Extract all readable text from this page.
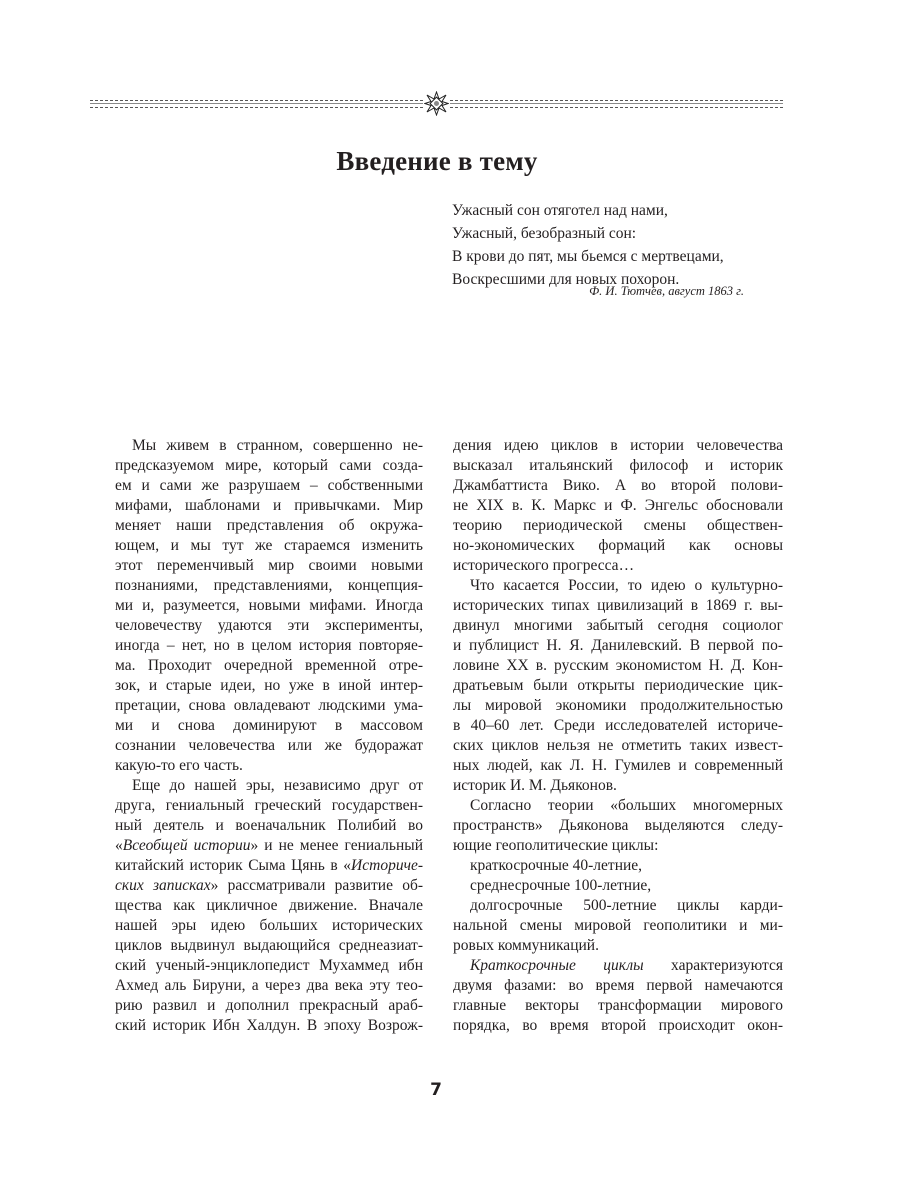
Введение в тему
Ужасный сон отяготел над нами,
Ужасный, безобразный сон:
В крови до пят, мы бьемся с мертвецами,
Воскресшими для новых похорон.
Ф. И. Тютчев, август 1863 г.
Мы живем в странном, совершенно не-
предсказуемом мире, который сами созда-
ем и сами же разрушаем – собственными
мифами, шаблонами и привычками. Мир
меняет наши представления об окружа-
ющем, и мы тут же стараемся изменить
этот переменчивый мир своими новыми
познаниями, представлениями, концепция-
ми и, разумеется, новыми мифами. Иногда
человечеству удаются эти эксперименты,
иногда – нет, но в целом история повторяе-
ма. Проходит очередной временной отре-
зок, и старые идеи, но уже в иной интер-
претации, снова овладевают людскими ума-
ми и снова доминируют в массовом
сознании человечества или же будоражат
какую-то его часть.
Еще до нашей эры, независимо друг от
друга, гениальный греческий государствен-
ный деятель и военачальник Полибий во
«Всеобщей истории» и не менее гениальный
китайский историк Сыма Цянь в «Историче-
ских записках» рассматривали развитие об-
щества как цикличное движение. Вначале
нашей эры идею больших исторических
циклов выдвинул выдающийся среднеазиат-
ский ученый-энциклопедист Мухаммед ибн
Ахмед аль Бируни, а через два века эту тео-
рию развил и дополнил прекрасный араб-
ский историк Ибн Халдун. В эпоху Возрож-
дения идею циклов в истории человечества
высказал итальянский философ и историк
Джамбаттиста Вико. А во второй полови-
не XIX в. К. Маркс и Ф. Энгельс обосновали
теорию периодической смены обществен-
но-экономических формаций как основы
исторического прогресса…
Что касается России, то идею о культурно-
исторических типах цивилизаций в 1869 г. вы-
двинул многими забытый сегодня социолог
и публицист Н. Я. Данилевский. В первой по-
ловине XX в. русским экономистом Н. Д. Кон-
дратьевым были открыты периодические цик-
лы мировой экономики продолжительностью
в 40–60 лет. Среди исследователей историче-
ских циклов нельзя не отметить таких извест-
ных людей, как Л. Н. Гумилев и современный
историк И. М. Дьяконов.
Согласно теории «больших многомерных
пространств» Дьяконова выделяются следу-
ющие геополитические циклы:
краткосрочные 40-летние,
среднесрочные 100-летние,
долгосрочные 500-летние циклы карди-
нальной смены мировой геополитики и ми-
ровых коммуникаций.
Краткосрочные циклы характеризуются
двумя фазами: во время первой намечаются
главные векторы трансформации мирового
порядка, во время второй происходит окон-
7
